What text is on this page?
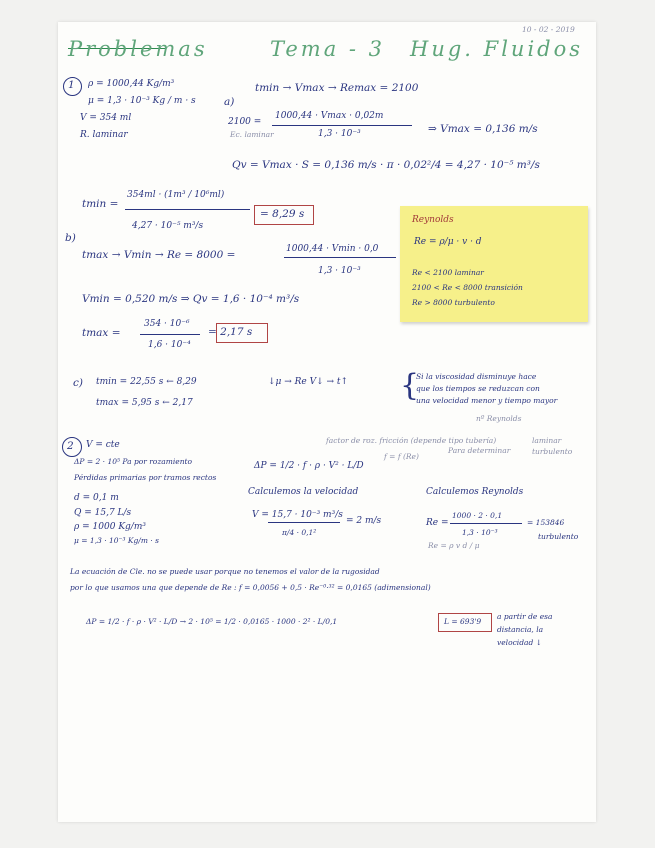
Problemas	Tema - 3 Hug. Fluidos
10 - 02 - 2019
1 ρ = 1000,44 Kg/m³
μ = 1,3 · 10⁻³ Kg / m · s
V = 354 ml
R. laminar
a)
tmin → Vmax → Remax = 2100
2100 =
1000,44 · Vmax · 0,02m
1,3 · 10⁻³
Ec. laminar	⇒ Vmax = 0,136 m/s
Qv = Vmax · S = 0,136 m/s · π · 0,02²/4 = 4,27 · 10⁻⁵ m³/s
tmin =
354ml · (1m³ / 10⁶ml)
4,27 · 10⁻⁵ m³/s
= 8,29 s
b)
tmax → Vmin → Re = 8000 =	1000,44 · Vmin · 0,0
1,3 · 10⁻³
Vmin = 0,520 m/s ⇒ Qv = 1,6 · 10⁻⁴ m³/s
tmax =
354 · 10⁻⁶
1,6 · 10⁻⁴
= 2,17 s
c) tmin = 22,55 s ← 8,29
tmax = 5,95 s ← 2,17
↓μ → Re V↓ → t↑ {
Si la viscosidad disminuye hace
que los tiempos se reduzcan con
una velocidad menor y tiempo mayor
Reynolds
Re = ρ/μ · v · d
Re < 2100 laminar
2100 < Re < 8000 transición
Re > 8000 turbulento
2 V = cte
ΔP = 2 · 10⁵ Pa por rozamiento
Pérdidas primarias por tramos rectos
d = 0,1 m
Q = 15,7 L/s
ρ = 1000 Kg/m³
μ = 1,3 · 10⁻³ Kg/m · s
ΔP = 1/2 · f · ρ · V² · L/D
factor de roz. fricción (depende tipo tubería)
f = f (Re)
nº Reynolds
Para determinar
laminar
turbulento
Calculemos la velocidad
V = 15,7 · 10⁻³ m³/s
π/4 · 0,1²
= 2 m/s
Calculemos Reynolds
Re =
1000 · 2 · 0,1
1,3 · 10⁻³
= 153846
turbulento
Re = ρ v d / μ
La ecuación de Cle. no se puede usar porque no tenemos el valor de la rugosidad
por lo que usamos una que depende de Re : f = 0,0056 + 0,5 · Re⁻⁰·³² = 0,0165 (adimensional)
ΔP = 1/2 · f · ρ · V² · L/D → 2 · 10⁵ = 1/2 · 0,0165 · 1000 · 2² · L/0,1	L = 693'9
a partir de esa
distancia, la
velocidad ↓
